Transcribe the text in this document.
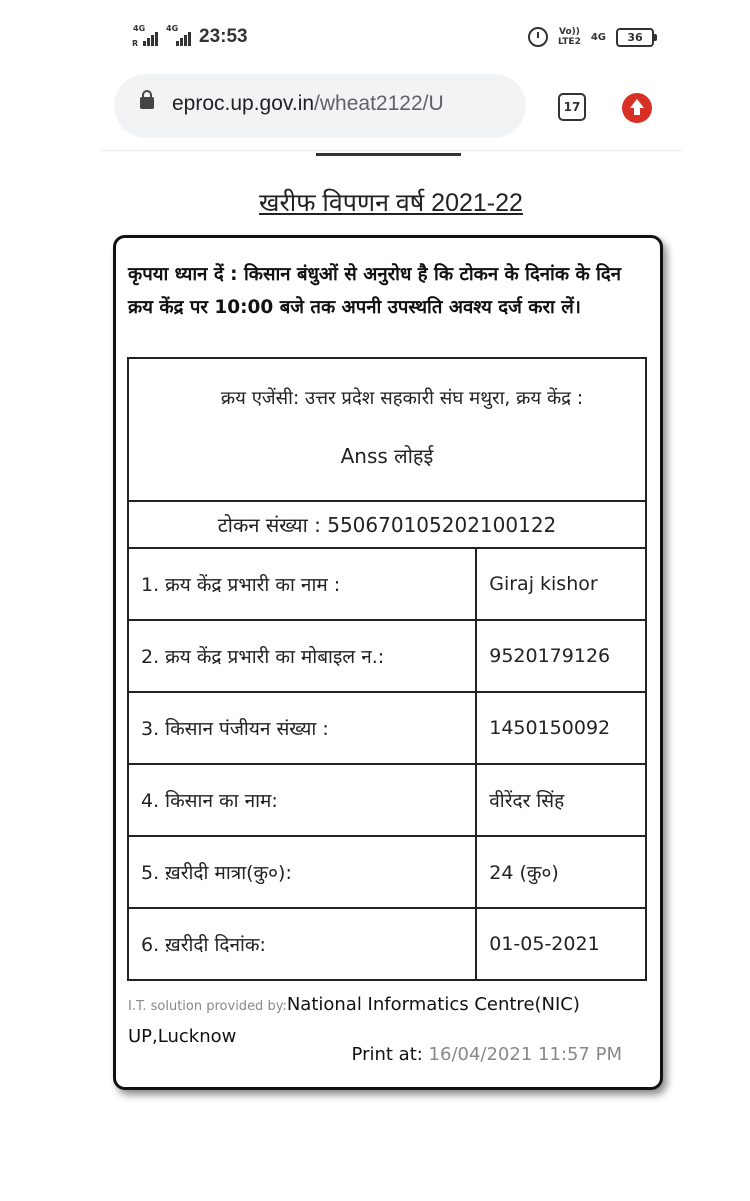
4G
R
4G 23:53	Vo))
LTE2 4G 36
eproc.up.gov.in/wheat2122/U	17
खरीफ विपणन वर्ष 2021-22
कृपया ध्यान दें : किसान बंधुओं से अनुरोध है कि टोकन के दिनांक के दिन क्रय केंद्र पर 10:00 बजे तक अपनी उपस्थति अवश्य दर्ज करा लें।
क्रय एजेंसी: उत्तर प्रदेश सहकारी संघ मथुरा, क्रय केंद्र :
Anss लोहई	

टोकन संख्या : 550670105202100122	
1. क्रय केंद्र प्रभारी का नाम :	Giraj kishor
2. क्रय केंद्र प्रभारी का मोबाइल न.:	9520179126
3. किसान पंजीयन संख्या :	1450150092
4. किसान का नाम:	वीरेंदर सिंह
5. ख़रीदी मात्रा(कु०):	24 (कु०)
6. ख़रीदी दिनांक:	01-05-2021
I.T. solution provided by:National Informatics Centre(NIC) UP,Lucknow
Print at: 16/04/2021 11:57 PM
